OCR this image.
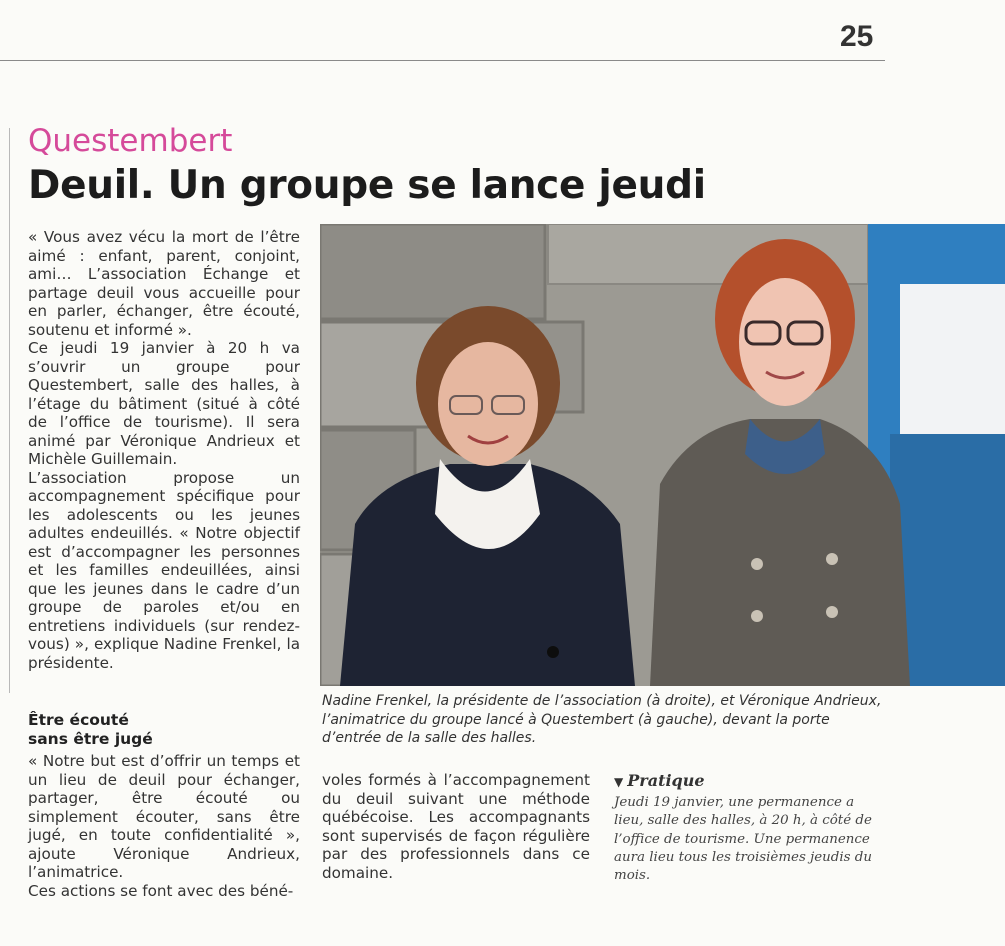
25
Questembert
Deuil. Un groupe se lance jeudi

« Vous avez vécu la mort de l’être aimé : enfant, parent, conjoint, ami… L’association Échange et partage deuil vous accueille pour en parler, échanger, être écouté, soutenu et informé ».

Ce jeudi 19 janvier à 20 h va s’ouvrir un groupe pour Questembert, salle des halles, à l’étage du bâtiment (situé à côté de l’office de tourisme). Il sera animé par Véronique Andrieux et Michèle Guillemain.

L’association propose un accompagnement spécifique pour les adolescents ou les jeunes adultes endeuillés. « Notre objectif est d’accompagner les personnes et les familles endeuillées, ainsi que les jeunes dans le cadre d’un groupe de paroles et/ou en entretiens individuels (sur rendez-vous) », explique Nadine Frenkel, la présidente.

Être écouté
sans être jugé

« Notre but est d’offrir un temps et un lieu de deuil pour échanger, partager, être écouté ou simplement écouter, sans être jugé, en toute confidentialité », ajoute Véronique Andrieux, l’animatrice.

Ces actions se font avec des béné-

Nadine Frenkel, la présidente de l’association (à droite), et Véronique Andrieux, l’animatrice du groupe lancé à Questembert (à gauche), devant la porte d’entrée de la salle des halles.

voles formés à l’accompagnement du deuil suivant une méthode québécoise. Les accompagnants sont supervisés de façon régulière par des professionnels dans ce domaine.

▼ Pratique
Jeudi 19 janvier, une permanence a lieu, salle des halles, à 20 h, à côté de l’office de tourisme. Une permanence aura lieu tous les troisièmes jeudis du mois.
